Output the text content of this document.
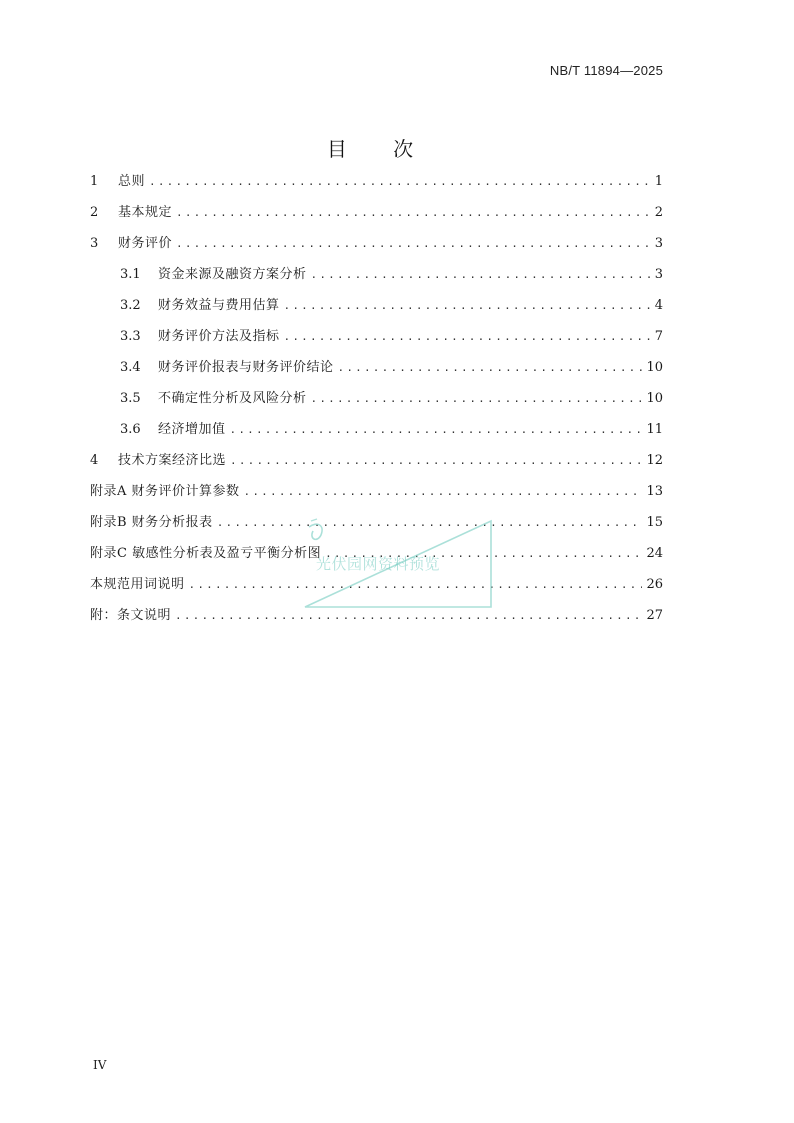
NB/T 11894—2025
目 次
1	总则 .....	1
2	基本规定 .....	2
3	财务评价 .....	3
3.1	资金来源及融资方案分析 .....	3
3.2	财务效益与费用估算 .....	4
3.3	财务评价方法及指标 .....	7
3.4	财务评价报表与财务评价结论 .....	10
3.5	不确定性分析及风险分析 .....	10
3.6	经济增加值 .....	11
4	技术方案经济比选 .....	12
附录A 财务评价计算参数 .....	13
附录B 财务分析报表 .....	15
附录C 敏感性分析表及盈亏平衡分析图 .....	24
本规范用词说明 .....	26
附：条文说明 .....	27
光伏园网资料预览
IV
